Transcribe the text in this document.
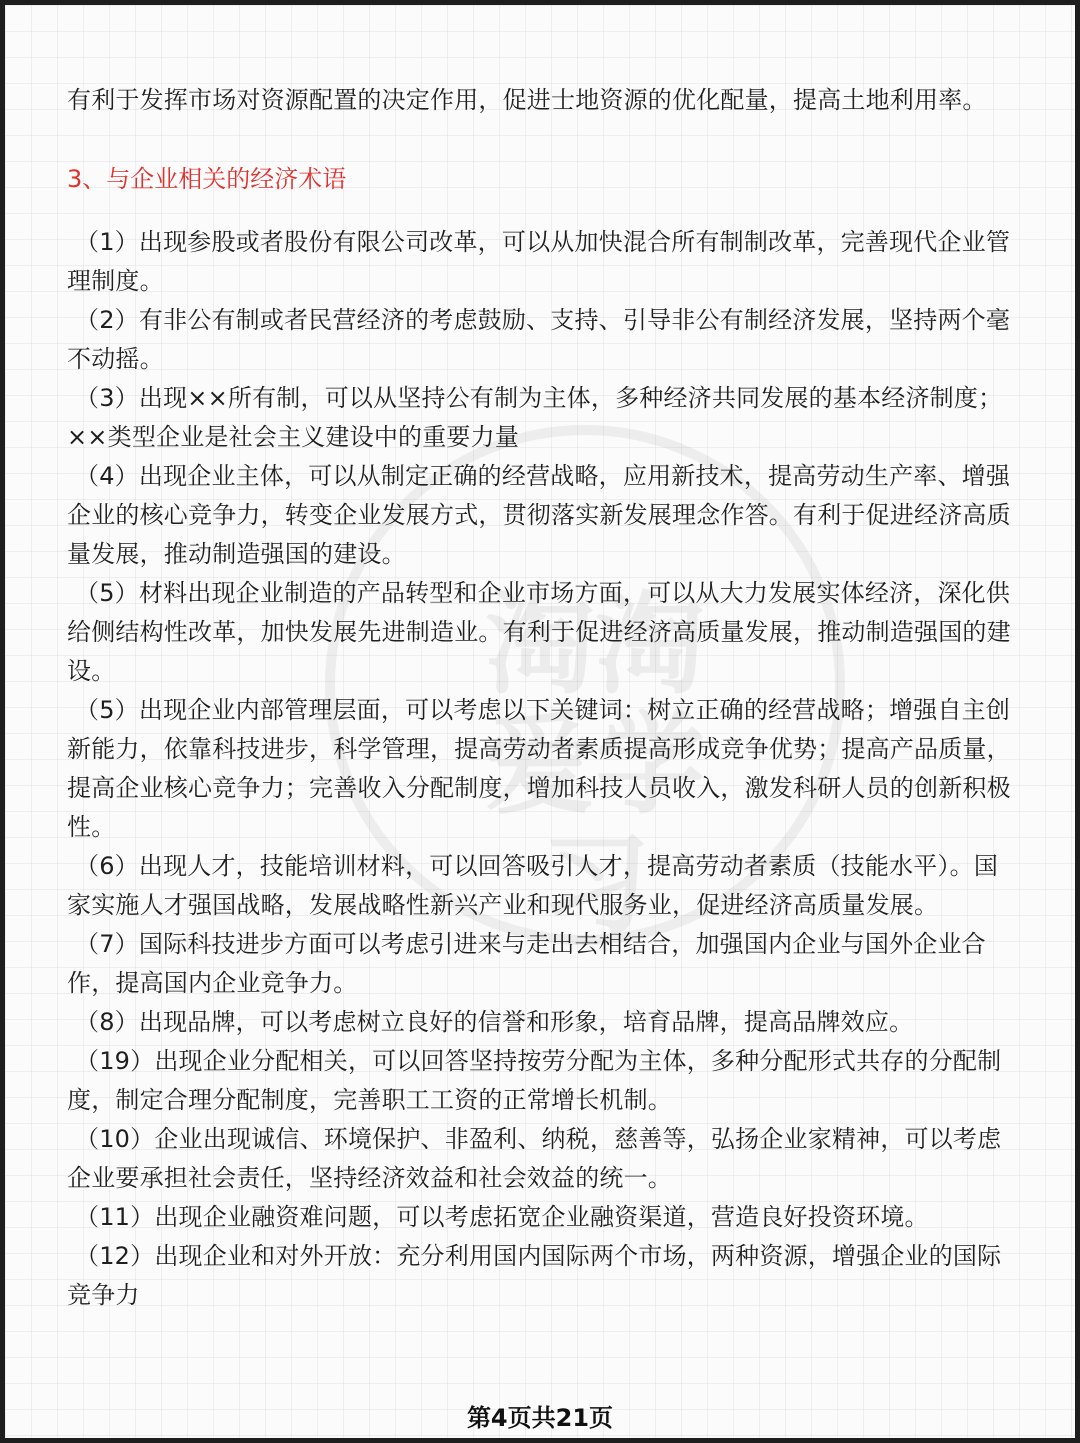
淘淘
爱学习

有利于发挥市场对资源配置的决定作用，促进士地资源的优化配量，提高土地利用率。

3、与企业相关的经济术语

（1）出现参股或者股份有限公司改革，可以从加快混合所有制制改革，完善现代企业管理制度。

（2）有非公有制或者民营经济的考虑鼓励、支持、引导非公有制经济发展，坚持两个毫不动摇。

（3）出现××所有制，可以从坚持公有制为主体，多种经济共同发展的基本经济制度；××类型企业是社会主义建设中的重要力量

（4）出现企业主体，可以从制定正确的经营战略，应用新技术，提高劳动生产率、增强企业的核心竞争力，转变企业发展方式，贯彻落实新发展理念作答。有利于促进经济高质量发展，推动制造强国的建设。

（5）材料出现企业制造的产品转型和企业市场方面，可以从大力发展实体经济，深化供给侧结构性改革，加快发展先进制造业。有利于促进经济高质量发展，推动制造强国的建设。

（5）出现企业内部管理层面，可以考虑以下关键词：树立正确的经营战略；增强自主创新能力，依靠科技进步，科学管理，提高劳动者素质提高形成竞争优势；提高产品质量，提高企业核心竞争力；完善收入分配制度，增加科技人员收入，激发科研人员的创新积极性。

（6）出现人才，技能培训材料，可以回答吸引人才，提高劳动者素质（技能水平）。国家实施人才强国战略，发展战略性新兴产业和现代服务业，促进经济高质量发展。

（7）国际科技进步方面可以考虑引进来与走出去相结合，加强国内企业与国外企业合作，提高国内企业竞争力。

（8）出现品牌，可以考虑树立良好的信誉和形象，培育品牌，提高品牌效应。

（19）出现企业分配相关，可以回答坚持按劳分配为主体，多种分配形式共存的分配制度，制定合理分配制度，完善职工工资的正常增长机制。

（10）企业出现诚信、环境保护、非盈利、纳税，慈善等，弘扬企业家精神，可以考虑企业要承担社会责任，坚持经济效益和社会效益的统一。

（11）出现企业融资难问题，可以考虑拓宽企业融资渠道，营造良好投资环境。

（12）出现企业和对外开放：充分利用国内国际两个市场，两种资源，增强企业的国际竞争力

第4页共21页
